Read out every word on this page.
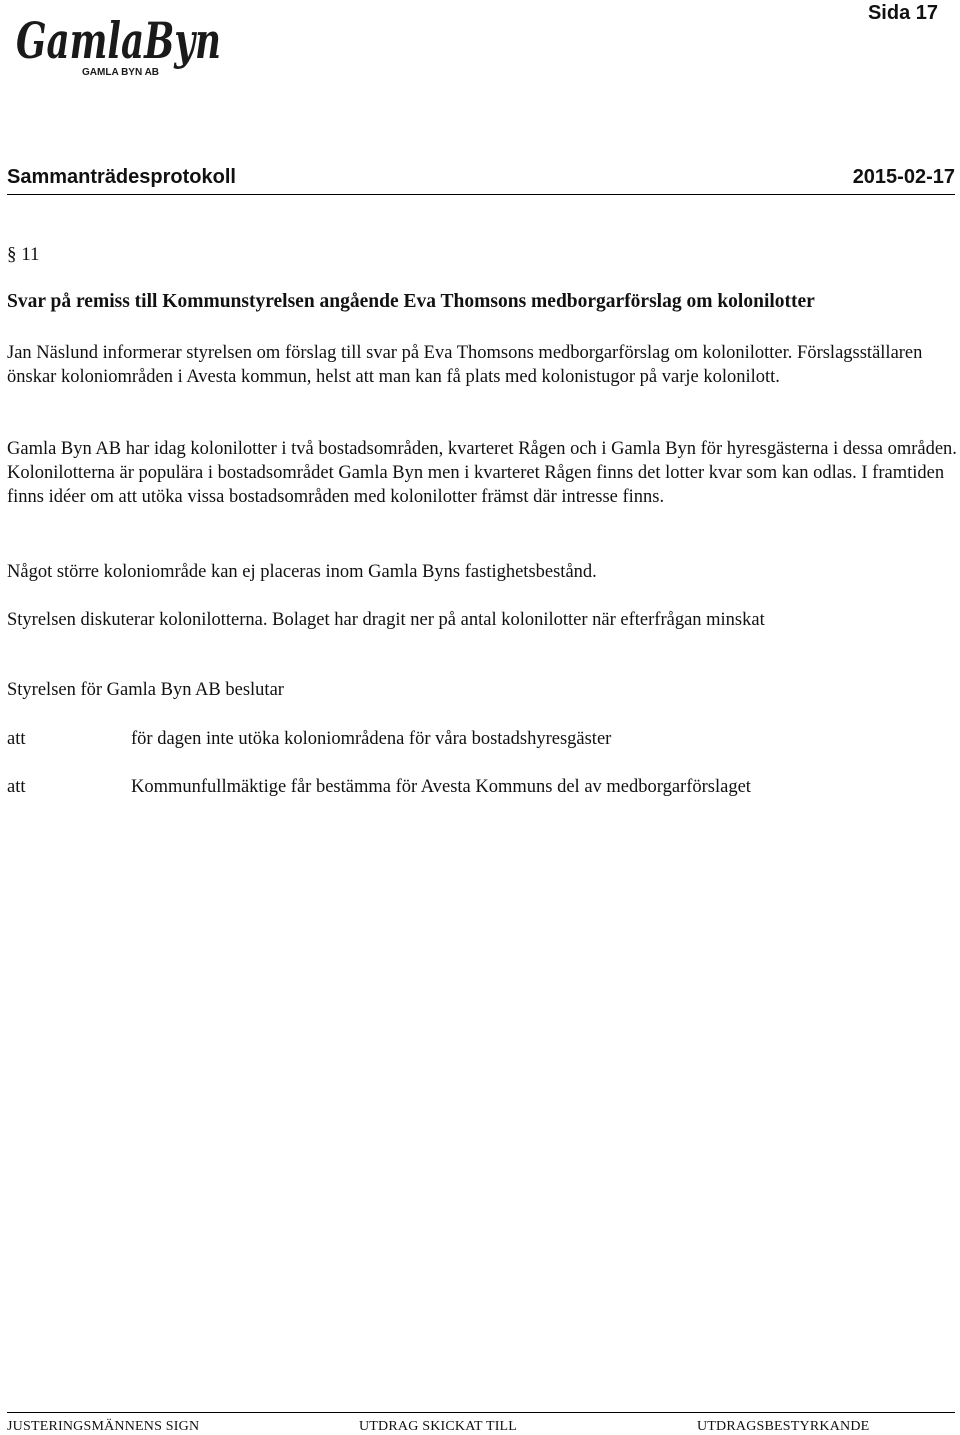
GamlaByn
GAMLA BYN AB
Sida 17
Sammanträdesprotokoll	2015-02-17
§ 11
Svar på remiss till Kommunstyrelsen angående Eva Thomsons medborgarförslag om kolonilotter

Jan Näslund informerar styrelsen om förslag till svar på Eva Thomsons medborgarförslag om kolonilotter. Förslagsställaren önskar koloniområden i Avesta kommun, helst att man kan få plats med kolonistugor på varje kolonilott.

Gamla Byn AB har idag kolonilotter i två bostadsområden, kvarteret Rågen och i Gamla Byn för hyresgästerna i dessa områden. Kolonilotterna är populära i bostadsområdet Gamla Byn men i kvarteret Rågen finns det lotter kvar som kan odlas. I framtiden finns idéer om att utöka vissa bostadsområden med kolonilotter främst där intresse finns.

Något större koloniområde kan ej placeras inom Gamla Byns fastighetsbestånd.

Styrelsen diskuterar kolonilotterna. Bolaget har dragit ner på antal kolonilotter när efterfrågan minskat

Styrelsen för Gamla Byn AB beslutar

att	för dagen inte utöka koloniområdena för våra bostadshyresgäster
att	Kommunfullmäktige får bestämma för Avesta Kommuns del av medborgarförslaget
JUSTERINGSMÄNNENS SIGN	UTDRAG SKICKAT TILL	UTDRAGSBESTYRKANDE
